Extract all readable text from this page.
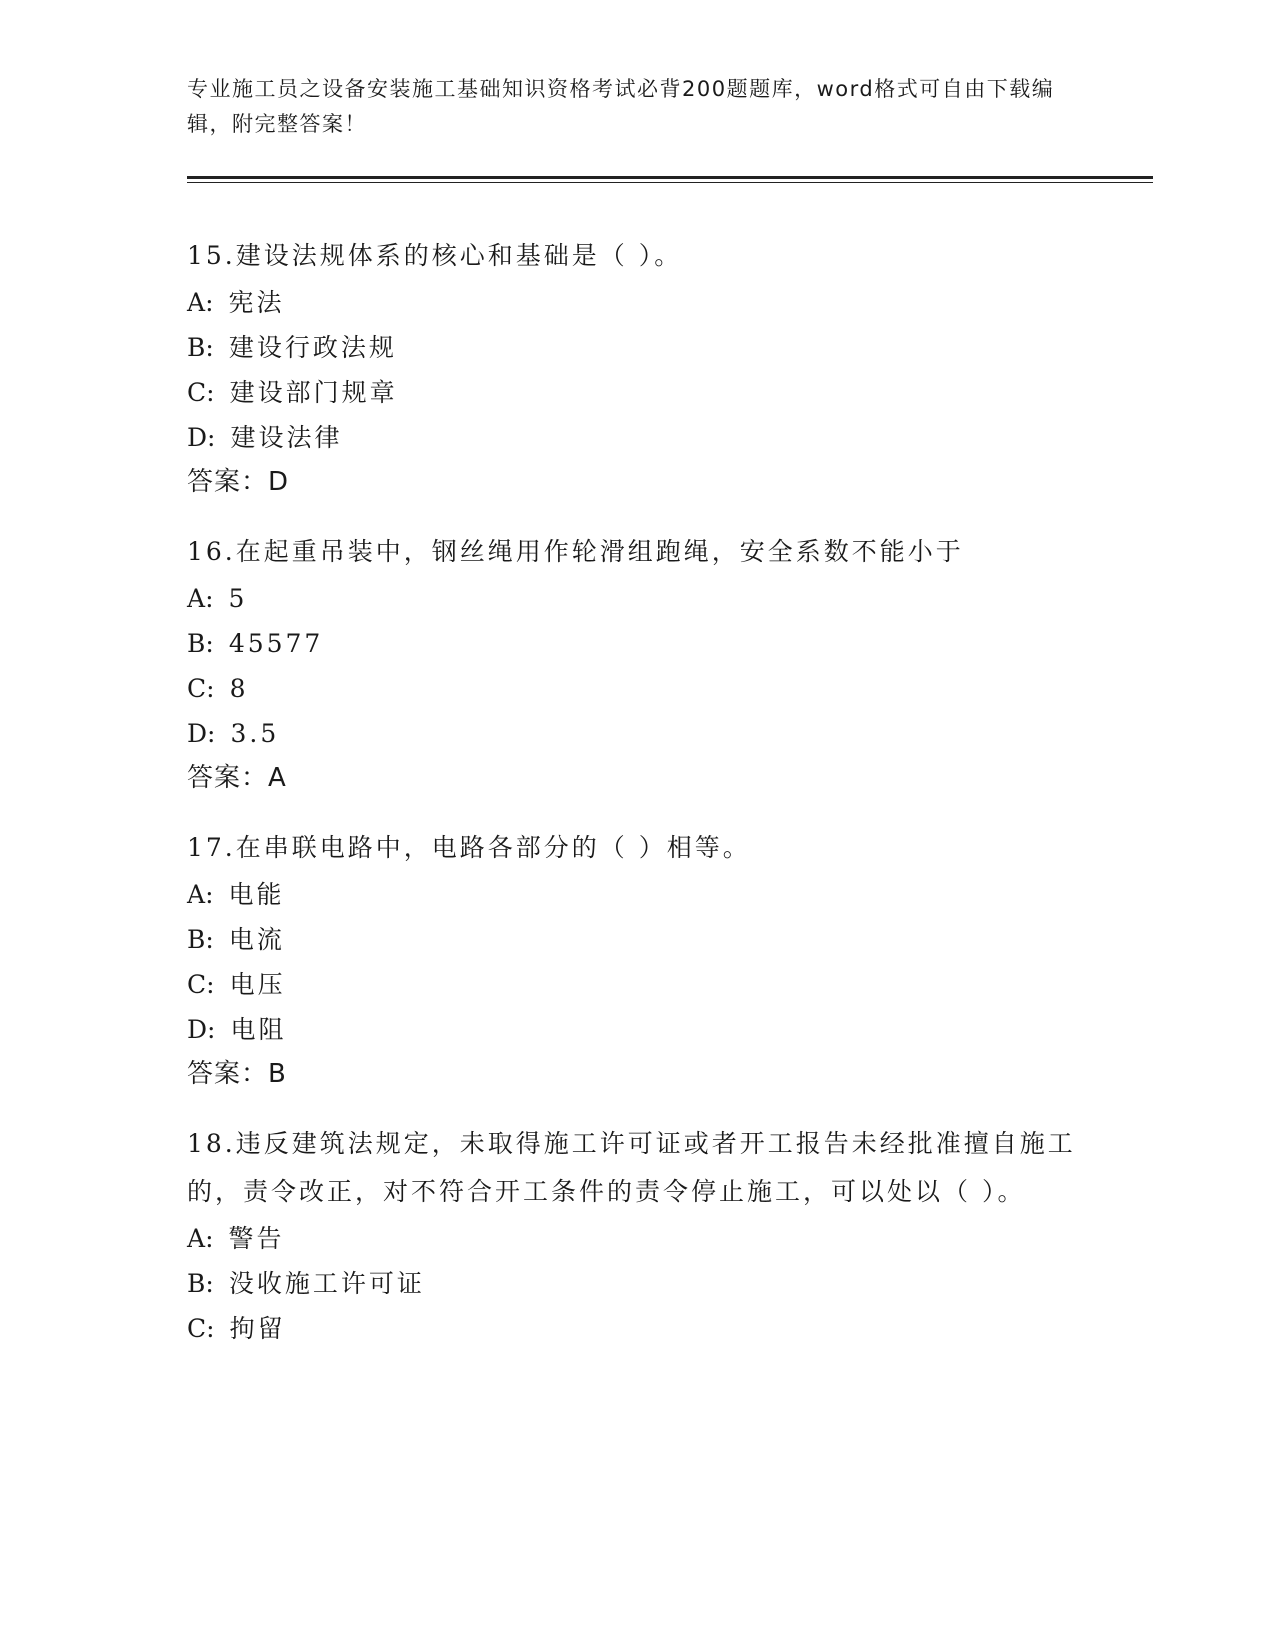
专业施工员之设备安装施工基础知识资格考试必背200题题库，word格式可自由下载编辑，附完整答案！
15.建设法规体系的核心和基础是（ ）。
A: 宪法
B: 建设行政法规
C: 建设部门规章
D: 建设法律
答案：D
16.在起重吊装中，钢丝绳用作轮滑组跑绳，安全系数不能小于
A: 5
B: 45577
C: 8
D: 3.5
答案：A
17.在串联电路中，电路各部分的（ ）相等。
A: 电能
B: 电流
C: 电压
D: 电阻
答案：B
18.违反建筑法规定，未取得施工许可证或者开工报告未经批准擅自施工的，责令改正，对不符合开工条件的责令停止施工，可以处以（ ）。
A: 警告
B: 没收施工许可证
C: 拘留
